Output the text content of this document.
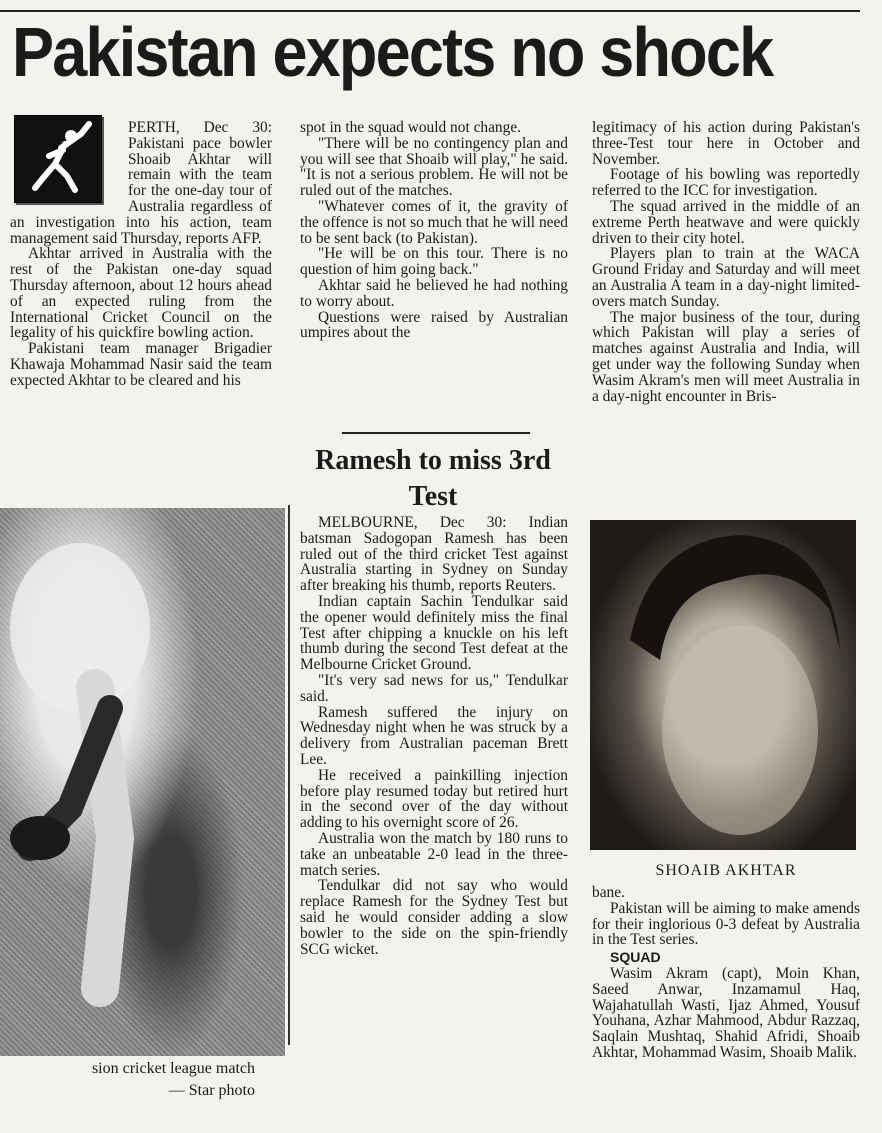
Pakistan expects no shock

PERTH, Dec 30: Pakistani pace bowler Shoaib Akhtar will remain with the team for the one-day tour of Australia regardless of an investigation into his action, team management said Thursday, reports AFP.

Akhtar arrived in Australia with the rest of the Pakistan one-day squad Thursday afternoon, about 12 hours ahead of an expected ruling from the International Cricket Council on the legality of his quickfire bowling action.

Pakistani team manager Brigadier Khawaja Mohammad Nasir said the team expected Akhtar to be cleared and his

spot in the squad would not change.

"There will be no contingency plan and you will see that Shoaib will play," he said. "It is not a serious problem. He will not be ruled out of the matches.

"Whatever comes of it, the gravity of the offence is not so much that he will need to be sent back (to Pakistan).

"He will be on this tour. There is no question of him going back."

Akhtar said he believed he had nothing to worry about.

Questions were raised by Australian umpires about the

Ramesh to miss 3rd Test

MELBOURNE, Dec 30: Indian batsman Sadogopan Ramesh has been ruled out of the third cricket Test against Australia starting in Sydney on Sunday after breaking his thumb, reports Reuters.

Indian captain Sachin Tendulkar said the opener would definitely miss the final Test after chipping a knuckle on his left thumb during the second Test defeat at the Melbourne Cricket Ground.

"It's very sad news for us," Tendulkar said.

Ramesh suffered the injury on Wednesday night when he was struck by a delivery from Australian paceman Brett Lee.

He received a painkilling injection before play resumed today but retired hurt in the second over of the day without adding to his overnight score of 26.

Australia won the match by 180 runs to take an unbeatable 2-0 lead in the three-match series.

Tendulkar did not say who would replace Ramesh for the Sydney Test but said he would consider adding a slow bowler to the side on the spin-friendly SCG wicket.

legitimacy of his action during Pakistan's three-Test tour here in October and November.

Footage of his bowling was reportedly referred to the ICC for investigation.

The squad arrived in the middle of an extreme Perth heatwave and were quickly driven to their city hotel.

Players plan to train at the WACA Ground Friday and Saturday and will meet an Australia A team in a day-night limited-overs match Sunday.

The major business of the tour, during which Pakistan will play a series of matches against Australia and India, will get under way the following Sunday when Wasim Akram's men will meet Australia in a day-night encounter in Bris-

sion cricket league match
— Star photo
SHOAIB AKHTAR

bane.

Pakistan will be aiming to make amends for their inglorious 0-3 defeat by Australia in the Test series.

SQUAD

Wasim Akram (capt), Moin Khan, Saeed Anwar, Inzamamul Haq, Wajahatullah Wasti, Ijaz Ahmed, Yousuf Youhana, Azhar Mahmood, Abdur Razzaq, Saqlain Mushtaq, Shahid Afridi, Shoaib Akhtar, Mohammad Wasim, Shoaib Malik.
